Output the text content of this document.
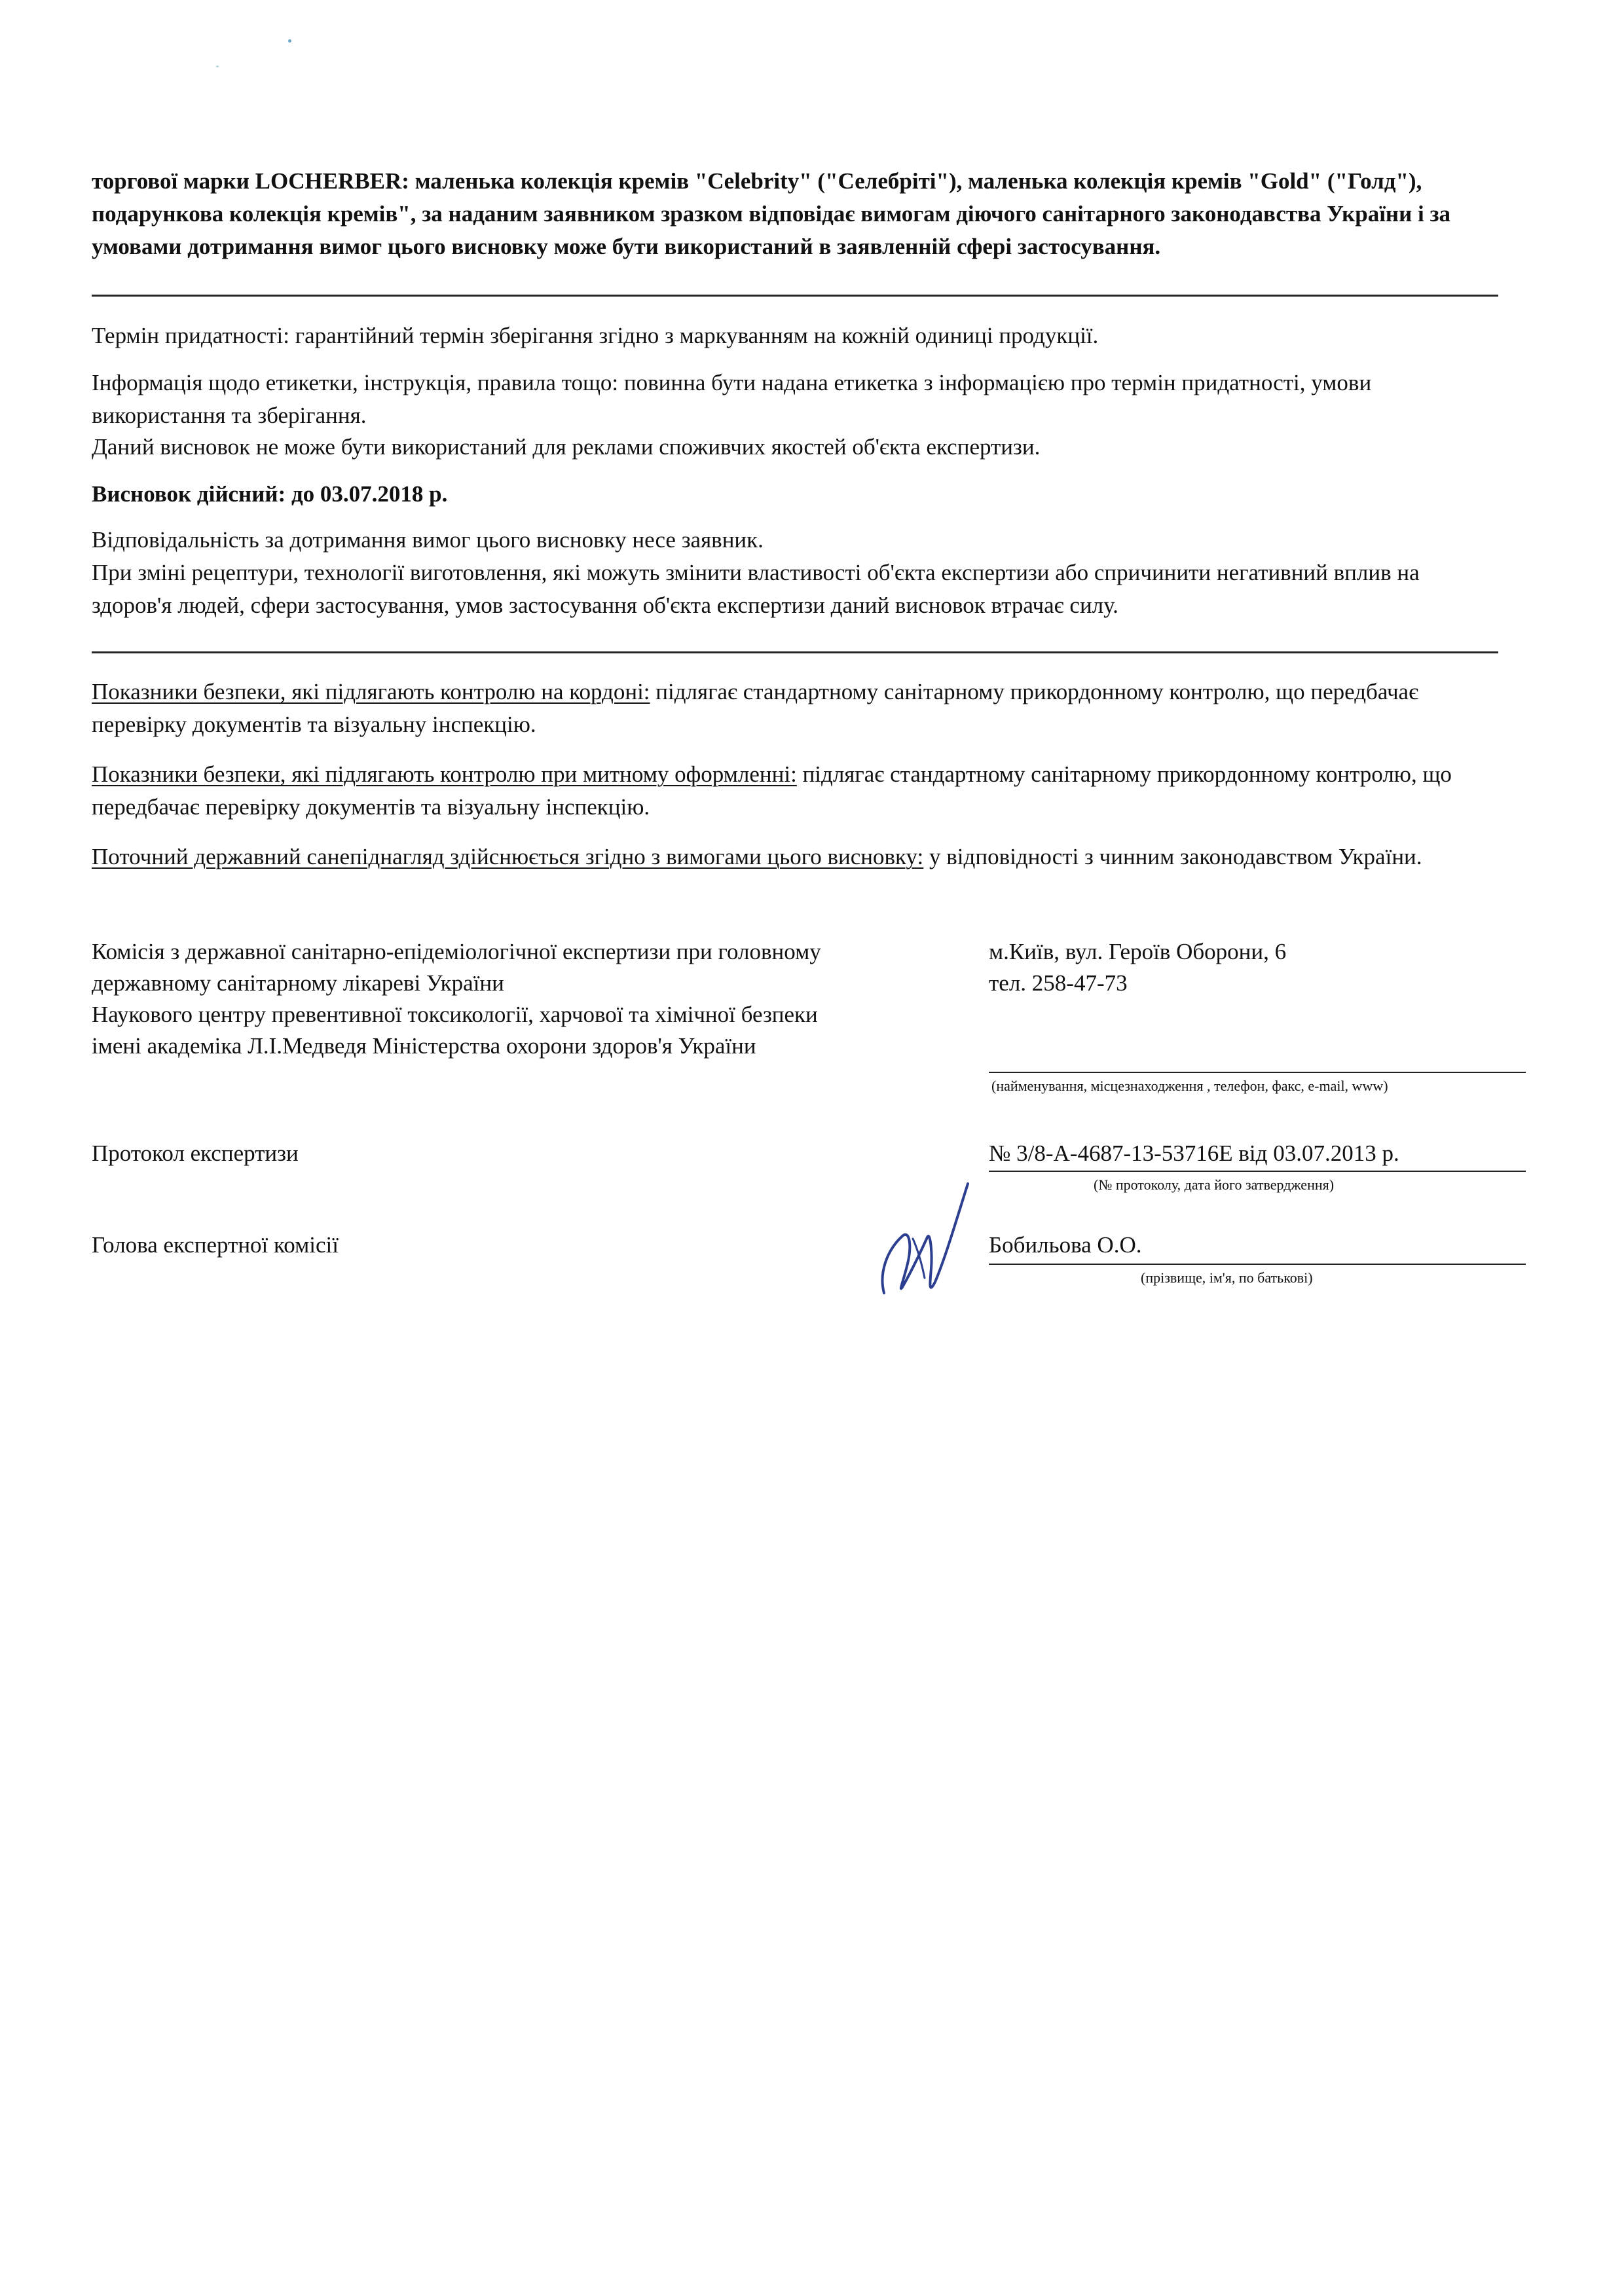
торгової марки LOCHERBER: маленька колекція кремів "Celebrity" ("Селебріті"), маленька колекція кремів "Gold" ("Голд"), подарункова колекція кремів", за наданим заявником зразком відповідає вимогам діючого санітарного законодавства України і за умовами дотримання вимог цього висновку може бути використаний в заявленній сфері застосування.
Термін придатності: гарантійний термін зберігання згідно з маркуванням на кожній одиниці продукції.
Інформація щодо етикетки, інструкція, правила тощо: повинна бути надана етикетка з інформацією про термін придатності, умови використання та зберігання.
Даний висновок не може бути використаний для реклами споживчих якостей об'єкта експертизи.
Висновок дійсний: до 03.07.2018 р.
Відповідальність за дотримання вимог цього висновку несе заявник.
При зміні рецептури, технології виготовлення, які можуть змінити властивості об'єкта експертизи або спричинити негативний вплив на здоров'я людей, сфери застосування, умов застосування об'єкта експертизи даний висновок втрачає силу.
Показники безпеки, які підлягають контролю на кордоні: підлягає стандартному санітарному прикордонному контролю, що передбачає перевірку документів та візуальну інспекцію.
Показники безпеки, які підлягають контролю при митному оформленні: підлягає стандартному санітарному прикордонному контролю, що передбачає перевірку документів та візуальну інспекцію.
Поточний державний санепіднагляд здійснюється згідно з вимогами цього висновку: у відповідності з чинним законодавством України.
Комісія з державної санітарно-епідеміологічної експертизи при головному
державному санітарному лікареві України
Наукового центру превентивної токсикології, харчової та хімічної безпеки
імені академіка Л.І.Медведя Міністерства охорони здоров'я України
м.Київ, вул. Героїв Оборони, 6
тел. 258-47-73
(найменування, місцезнаходження , телефон, факс, e-mail, www)
Протокол експертизи	№ 3/8-А-4687-13-53716Е від 03.07.2013 р.
(№ протоколу, дата його затвердження)
Голова експертної комісії	Бобильова О.О.
(прізвище, ім'я, по батькові)
